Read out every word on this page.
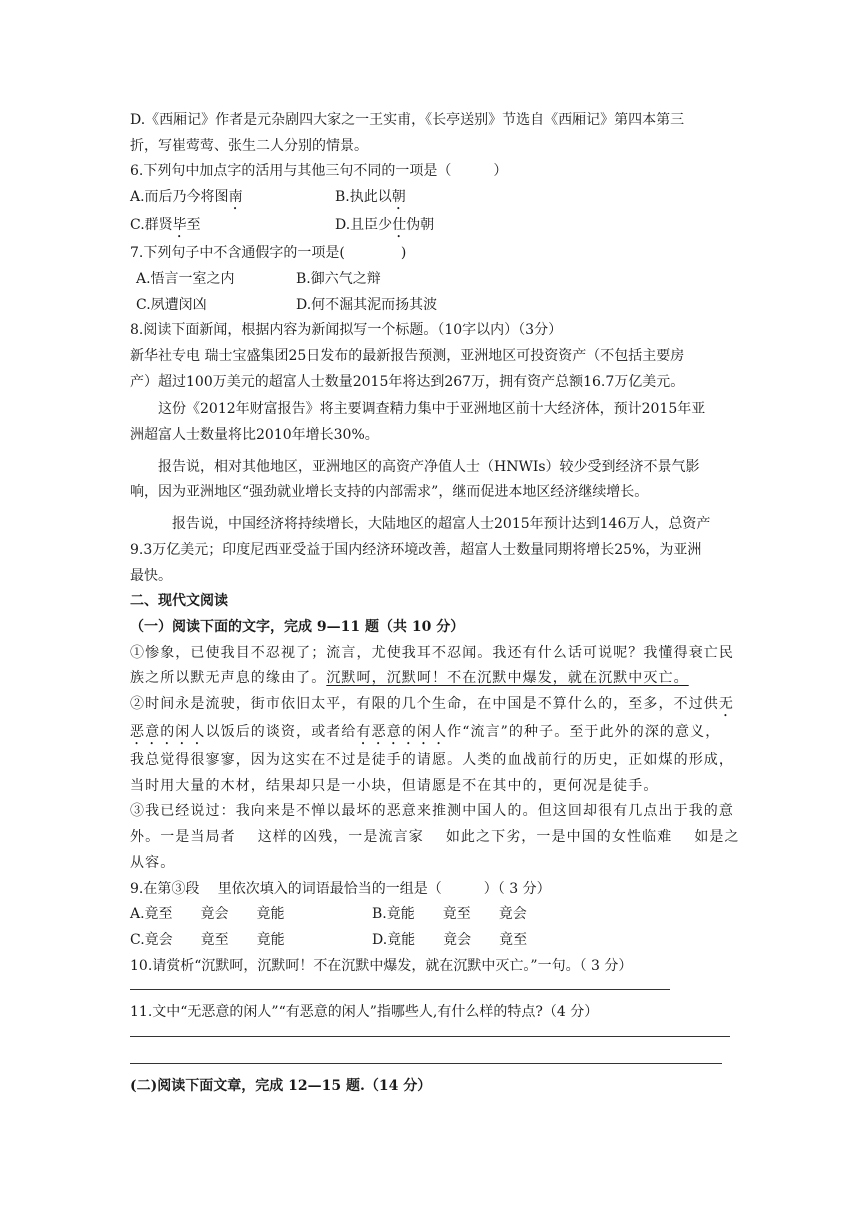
D.《西厢记》作者是元杂剧四大家之一王实甫，《长亭送别》节选自《西厢记》第四本第三
折，写崔莺莺、张生二人分别的情景。
6.下列句中加点字的活用与其他三句不同的一项是（　　　）
A.而后乃今将图南	B.执此以朝
C.群贤毕至	D.且臣少仕伪朝
7.下列句子中不含通假字的一项是(　　　　)
A.悟言一室之内	B.御六气之辩
C.夙遭闵凶	D.何不淈其泥而扬其波
8.阅读下面新闻，根据内容为新闻拟写一个标题。（10字以内）（3分）
新华社专电 瑞士宝盛集团25日发布的最新报告预测，亚洲地区可投资资产（不包括主要房
产）超过100万美元的超富人士数量2015年将达到267万，拥有资产总额16.7万亿美元。
这份《2012年财富报告》将主要调查精力集中于亚洲地区前十大经济体，预计2015年亚
洲超富人士数量将比2010年增长30%。
报告说，相对其他地区，亚洲地区的高资产净值人士（HNWIs）较少受到经济不景气影
响，因为亚洲地区“强劲就业增长支持的内部需求”，继而促进本地区经济继续增长。
报告说，中国经济将持续增长，大陆地区的超富人士2015年预计达到146万人，总资产
9.3万亿美元；印度尼西亚受益于国内经济环境改善，超富人士数量同期将增长25%，为亚洲
最快。
二、现代文阅读
（一）阅读下面的文字，完成 9—11 题（共 10 分）
①惨象，已使我目不忍视了；流言，尤使我耳不忍闻。我还有什么话可说呢？我懂得衰亡民
族之所以默无声息的缘由了。沉默呵，沉默呵！不在沉默中爆发，就在沉默中灭亡。
②时间永是流驶，街市依旧太平，有限的几个生命，在中国是不算什么的，至多，不过供无
恶意的闲人以饭后的谈资，或者给有恶意的闲人作“流言”的种子。至于此外的深的意义，
我总觉得很寥寥，因为这实在不过是徒手的请愿。人类的血战前行的历史，正如煤的形成，
当时用大量的木材，结果却只是一小块，但请愿是不在其中的，更何况是徒手。
③我已经说过：我向来是不惮以最坏的恶意来推测中国人的。但这回却很有几点出于我的意
外。一是当局者 这样的凶残，一是流言家 如此之下劣，一是中国的女性临难 如是之
从容。
9.在第③段　 里依次填入的词语最恰当的一组是（　　　）（ 3 分）
A.竟至　　竟会　　竟能	B.竟能　　竟至　　竟会
C.竟会　　竟至　　竟能	D.竟能　　竟会　　竟至
10.请赏析“沉默呵，沉默呵！不在沉默中爆发，就在沉默中灭亡。”一句。（ 3 分）
11.文中“无恶意的闲人”“有恶意的闲人”指哪些人,有什么样的特点?（4 分）
(二)阅读下面文章，完成 12—15 题.（14 分）
